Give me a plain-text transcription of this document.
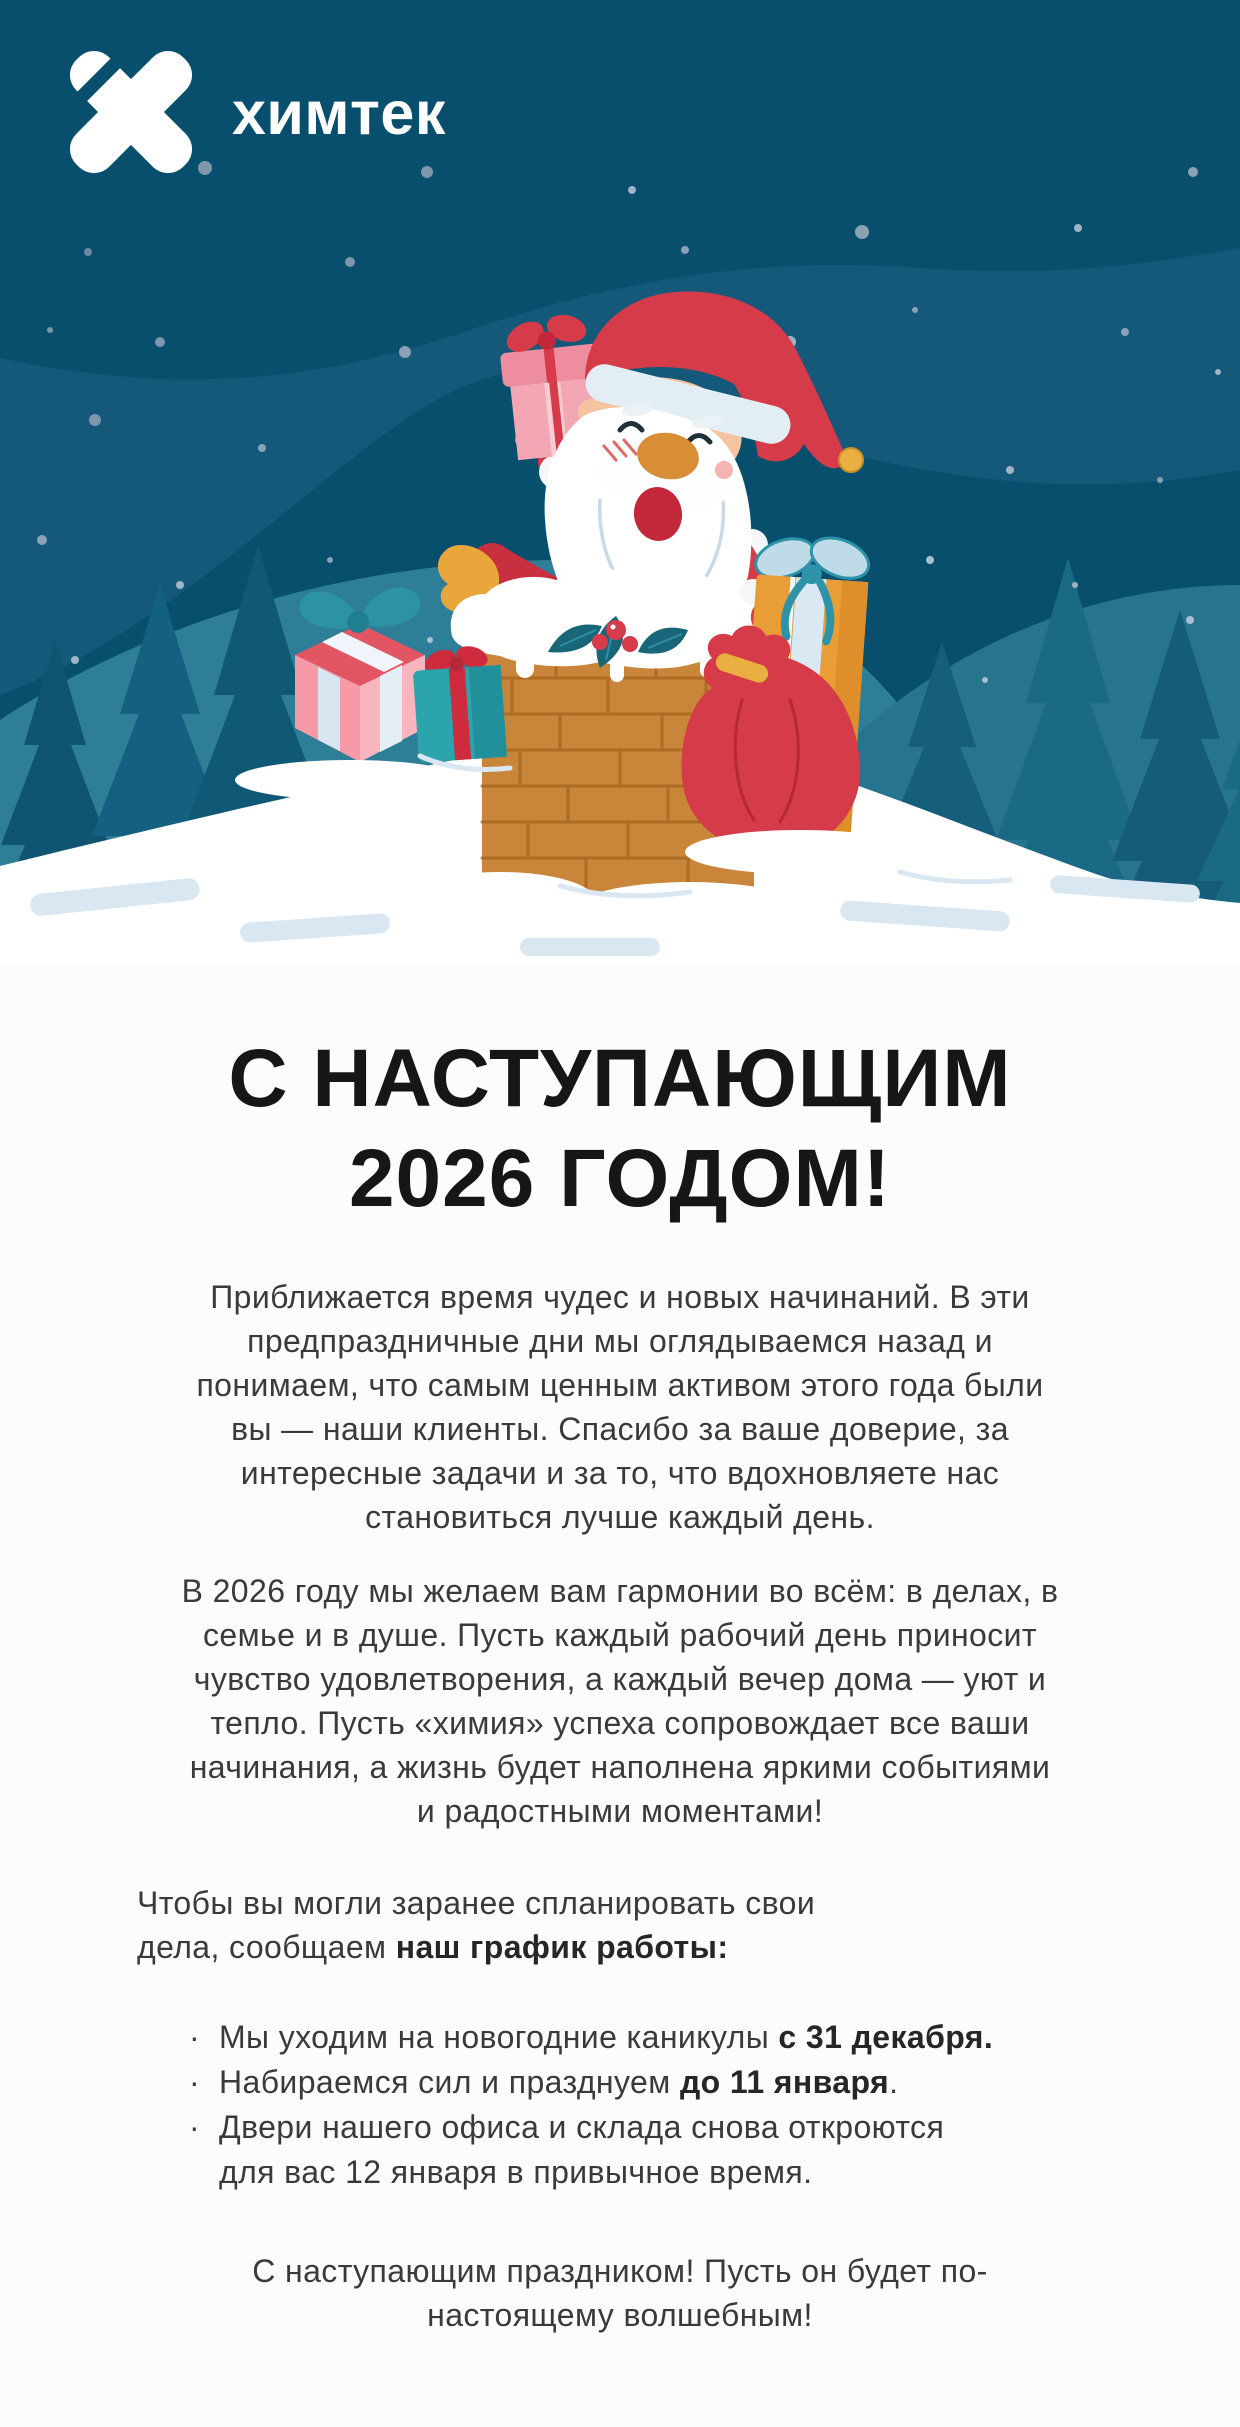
химтек
С НАСТУПАЮЩИМ
2026 ГОДОМ!

Приближается время чудес и новых начинаний. В эти предпраздничные дни мы оглядываемся назад и понимаем, что самым ценным активом этого года были вы — наши клиенты. Спасибо за ваше доверие, за интересные задачи и за то, что вдохновляете нас становиться лучше каждый день.

В 2026 году мы желаем вам гармонии во всём: в делах, в семье и в душе. Пусть каждый рабочий день приносит чувство удовлетворения, а каждый вечер дома — уют и тепло. Пусть «химия» успеха сопровождает все ваши начинания, а жизнь будет наполнена яркими событиями и радостными моментами!

Чтобы вы могли заранее спланировать свои
дела, сообщаем наш график работы:

· Мы уходим на новогодние каникулы с 31 декабря.
· Набираемся сил и празднуем до 11 января.
· Двери нашего офиса и склада снова откроются
для вас 12 января в привычное время.

С наступающим праздником! Пусть он будет по-настоящему волшебным!
